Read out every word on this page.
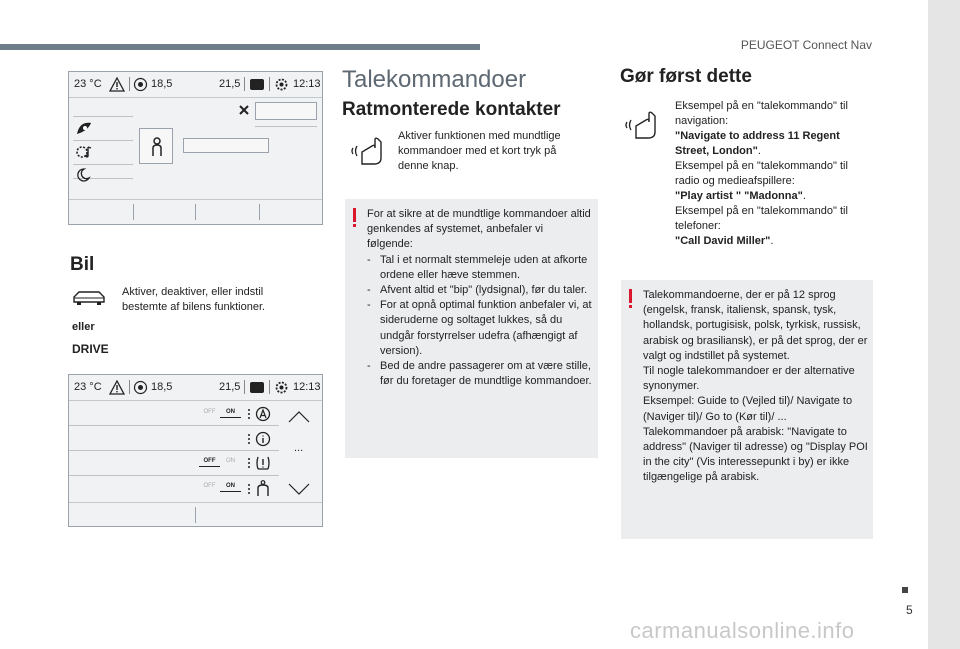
PEUGEOT Connect Nav
5
carmanualsonline.info
23 °C	18,5	21,5	12:13
Bil
Aktiver, deaktiver, eller indstil bestemte af bilens funktioner.
eller
DRIVE
23 °C	18,5	21,5	12:13
OFF	ON
OFF	ON
OFF	ON
...
Talekommandoer
Ratmonterede kontakter
Aktiver funktionen med mundtlige kommandoer med et kort tryk på denne knap.

For at sikre at de mundtlige kommandoer altid genkendes af systemet, anbefaler vi følgende:

- Tal i et normalt stemmeleje uden at afkorte ordene eller hæve stemmen.
- Afvent altid et "bip" (lydsignal), før du taler.
- For at opnå optimal funktion anbefaler vi, at sideruderne og soltaget lukkes, så du undgår forstyrrelser udefra (afhængigt af version).
- Bed de andre passagerer om at være stille, før du foretager de mundtlige kommandoer.
Gør først dette

Eksempel på en "talekommando" til navigation:

"Navigate to address 11 Regent Street, London".

Eksempel på en "talekommando" til radio og medieafspillere:

"Play artist " "Madonna".

Eksempel på en "talekommando" til telefoner:

"Call David Miller".

Talekommandoerne, der er på 12 sprog (engelsk, fransk, italiensk, spansk, tysk, hollandsk, portugisisk, polsk, tyrkisk, russisk, arabisk og brasiliansk), er på det sprog, der er valgt og indstillet på systemet.

Til nogle talekommandoer er der alternative synonymer.

Eksempel: Guide to (Vejled til)/ Navigate to (Naviger til)/ Go to (Kør til)/ ...

Talekommandoer på arabisk: "Navigate to address" (Naviger til adresse) og "Display POI in the city" (Vis interessepunkt i by) er ikke tilgængelige på arabisk.
